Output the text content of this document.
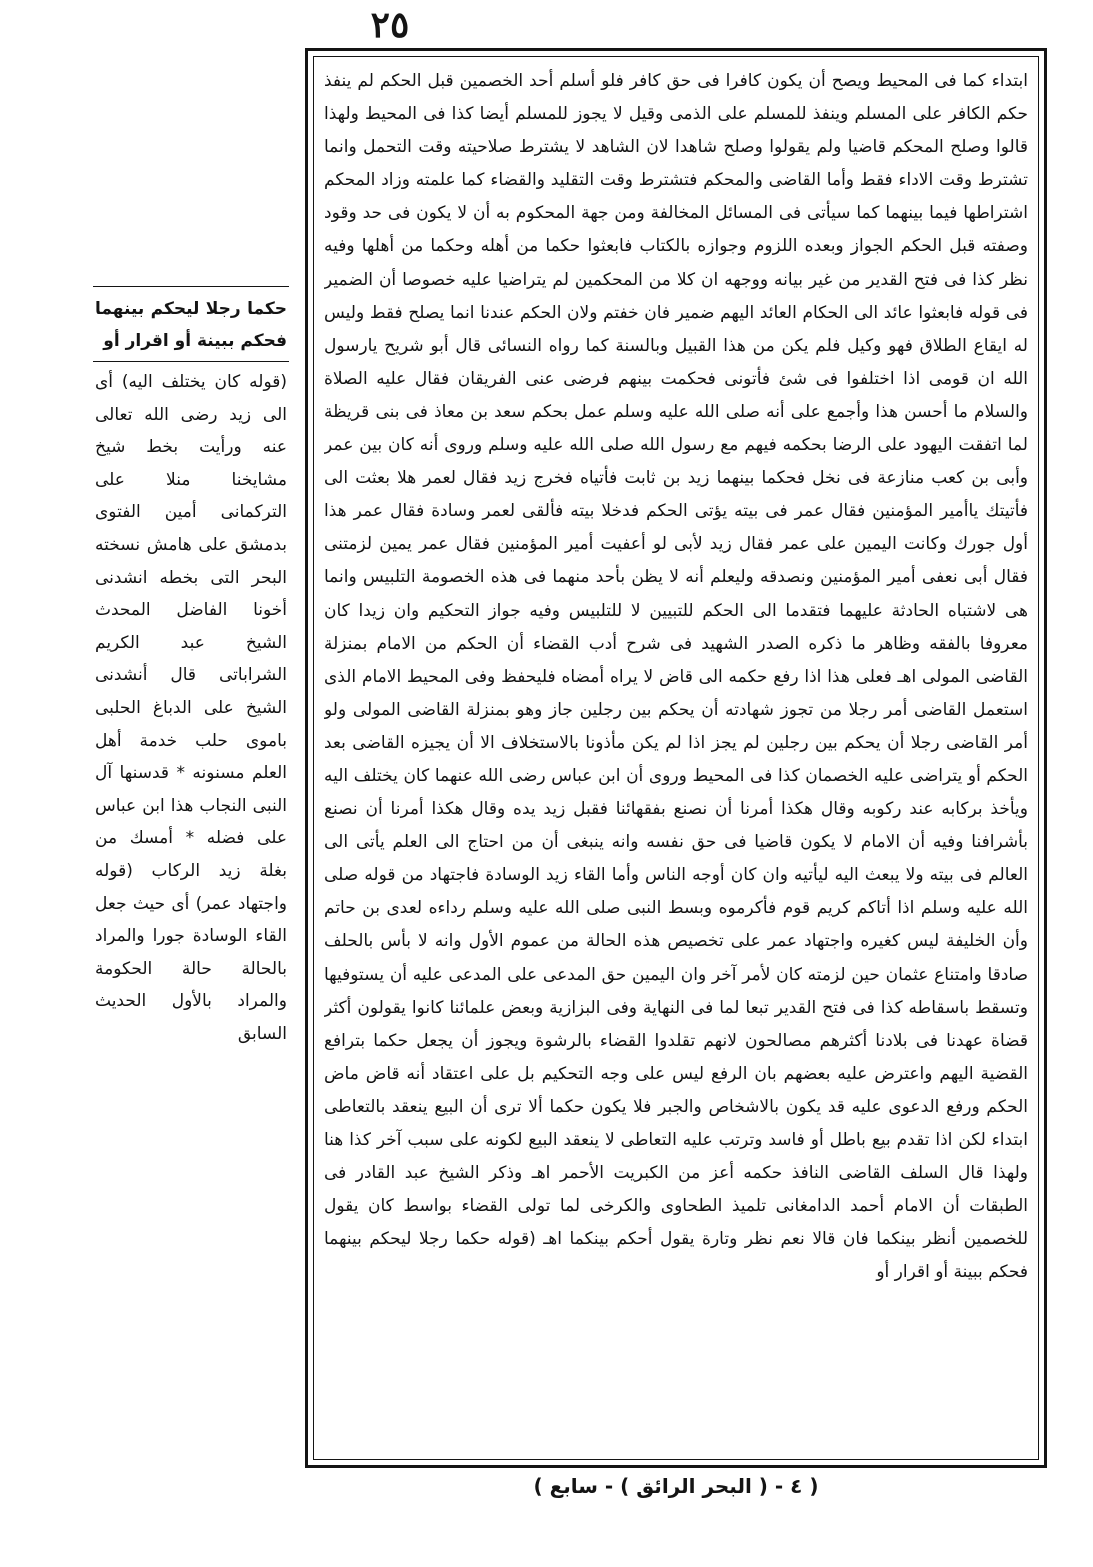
٢٥

ابتداء كما فى المحيط ويصح أن يكون كافرا فى حق كافر فلو أسلم أحد الخصمين قبل الحكم لم ينفذ حكم الكافر على المسلم وينفذ للمسلم على الذمى وقيل لا يجوز للمسلم أيضا كذا فى المحيط ولهذا قالوا وصلح المحكم قاضيا ولم يقولوا وصلح شاهدا لان الشاهد لا يشترط صلاحيته وقت التحمل وانما تشترط وقت الاداء فقط وأما القاضى والمحكم فتشترط وقت التقليد والقضاء كما علمته وزاد المحكم اشتراطها فيما بينهما كما سيأتى فى المسائل المخالفة ومن جهة المحكوم به أن لا يكون فى حد وقود وصفته قبل الحكم الجواز وبعده اللزوم وجوازه بالكتاب فابعثوا حكما من أهله وحكما من أهلها وفيه نظر كذا فى فتح القدير من غير بيانه ووجهه ان كلا من المحكمين لم يتراضيا عليه خصوصا أن الضمير فى قوله فابعثوا عائد الى الحكام العائد اليهم ضمير فان خفتم ولان الحكم عندنا انما يصلح فقط وليس له ايقاع الطلاق فهو وكيل فلم يكن من هذا القبيل وبالسنة كما رواه النسائى قال أبو شريح يارسول الله ان قومى اذا اختلفوا فى شئ فأتونى فحكمت بينهم فرضى عنى الفريقان فقال عليه الصلاة والسلام ما أحسن هذا وأجمع على أنه صلى الله عليه وسلم عمل بحكم سعد بن معاذ فى بنى قريظة لما اتفقت اليهود على الرضا بحكمه فيهم مع رسول الله صلى الله عليه وسلم وروى أنه كان بين عمر وأبى بن كعب منازعة فى نخل فحكما بينهما زيد بن ثابت فأتياه فخرج زيد فقال لعمر هلا بعثت الى فأتيتك ياأمير المؤمنين فقال عمر فى بيته يؤتى الحكم فدخلا بيته فألقى لعمر وسادة فقال عمر هذا أول جورك وكانت اليمين على عمر فقال زيد لأبى لو أعفيت أمير المؤمنين فقال عمر يمين لزمتنى فقال أبى نعفى أمير المؤمنين ونصدقه وليعلم أنه لا يظن بأحد منهما فى هذه الخصومة التلبيس وانما هى لاشتباه الحادثة عليهما فتقدما الى الحكم للتبيين لا للتلبيس وفيه جواز التحكيم وان زيدا كان معروفا بالفقه وظاهر ما ذكره الصدر الشهيد فى شرح أدب القضاء أن الحكم من الامام بمنزلة القاضى المولى اهـ فعلى هذا اذا رفع حكمه الى قاض لا يراه أمضاه فليحفظ وفى المحيط الامام الذى استعمل القاضى أمر رجلا من تجوز شهادته أن يحكم بين رجلين جاز وهو بمنزلة القاضى المولى ولو أمر القاضى رجلا أن يحكم بين رجلين لم يجز اذا لم يكن مأذونا بالاستخلاف الا أن يجيزه القاضى بعد الحكم أو يتراضى عليه الخصمان كذا فى المحيط وروى أن ابن عباس رضى الله عنهما كان يختلف اليه ويأخذ بركابه عند ركوبه وقال هكذا أمرنا أن نصنع بفقهائنا فقبل زيد يده وقال هكذا أمرنا أن نصنع بأشرافنا وفيه أن الامام لا يكون قاضيا فى حق نفسه وانه ينبغى أن من احتاج الى العلم يأتى الى العالم فى بيته ولا يبعث اليه ليأتيه وان كان أوجه الناس وأما القاء زيد الوسادة فاجتهاد من قوله صلى الله عليه وسلم اذا أتاكم كريم قوم فأكرموه وبسط النبى صلى الله عليه وسلم رداءه لعدى بن حاتم وأن الخليفة ليس كغيره واجتهاد عمر على تخصيص هذه الحالة من عموم الأول وانه لا بأس بالحلف صادقا وامتناع عثمان حين لزمته كان لأمر آخر وان اليمين حق المدعى على المدعى عليه أن يستوفيها وتسقط باسقاطه كذا فى فتح القدير تبعا لما فى النهاية وفى البزازية وبعض علمائنا كانوا يقولون أكثر قضاة عهدنا فى بلادنا أكثرهم مصالحون لانهم تقلدوا القضاء بالرشوة ويجوز أن يجعل حكما بترافع القضية اليهم واعترض عليه بعضهم بان الرفع ليس على وجه التحكيم بل على اعتقاد أنه قاض ماض الحكم ورفع الدعوى عليه قد يكون بالاشخاص والجبر فلا يكون حكما ألا ترى أن البيع ينعقد بالتعاطى ابتداء لكن اذا تقدم بيع باطل أو فاسد وترتب عليه التعاطى لا ينعقد البيع لكونه على سبب آخر كذا هنا ولهذا قال السلف القاضى النافذ حكمه أعز من الكبريت الأحمر اهـ وذكر الشيخ عبد القادر فى الطبقات أن الامام أحمد الدامغانى تلميذ الطحاوى والكرخى لما تولى القضاء بواسط كان يقول للخصمين أنظر بينكما فان قالا نعم نظر وتارة يقول أحكم بينكما اهـ (قوله حكما رجلا ليحكم بينهما فحكم ببينة أو اقرار أو

حكما رجلا ليحكم بينهما فحكم ببينة أو اقرار أو
(قوله كان يختلف اليه) أى الى زيد رضى الله تعالى عنه ورأيت بخط شيخ مشايخنا منلا على التركمانى أمين الفتوى بدمشق على هامش نسخته البحر التى بخطه انشدنى أخونا الفاضل المحدث الشيخ عبد الكريم الشراباتى قال أنشدنى الشيخ على الدباغ الحلبى باموى حلب خدمة أهل العلم مسنونه * قدسنها آل النبى النجاب هذا ابن عباس على فضله * أمسك من بغلة زيد الركاب (قوله واجتهاد عمر) أى حيث جعل القاء الوسادة جورا والمراد بالحالة حالة الحكومة والمراد بالأول الحديث السابق
( ٤ - ( البحر الرائق ) - سابع )
